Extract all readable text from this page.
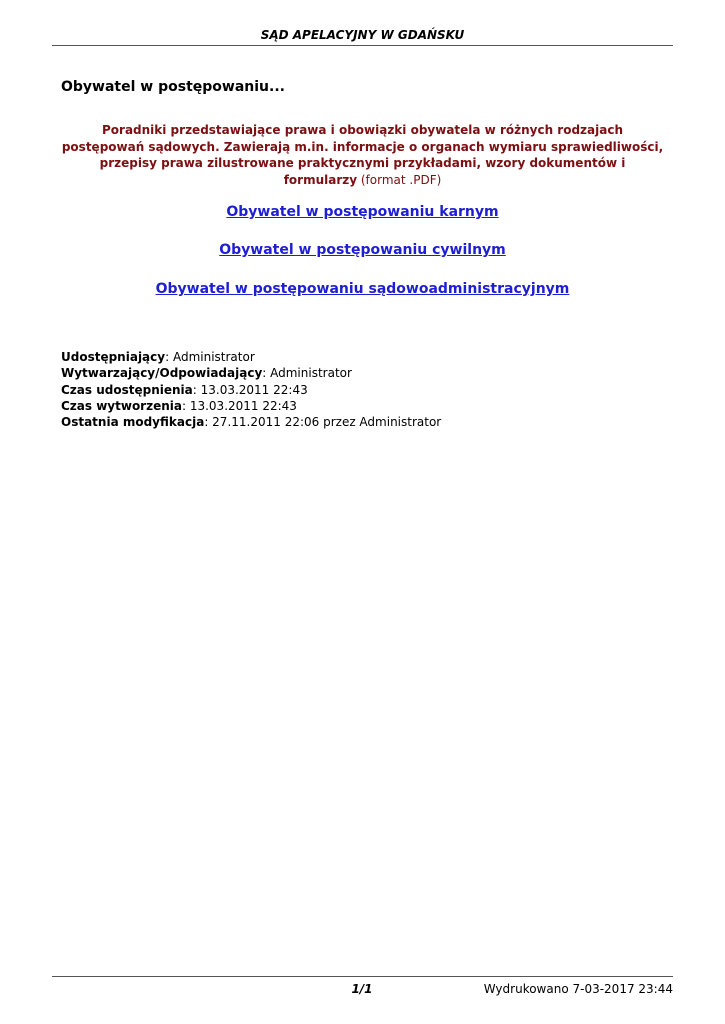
SĄD APELACYJNY W GDAŃSKU
Obywatel w postępowaniu...
Poradniki przedstawiające prawa i obowiązki obywatela w różnych rodzajach postępowań sądowych. Zawierają m.in. informacje o organach wymiaru sprawiedliwości, przepisy prawa zilustrowane praktycznymi przykładami, wzory dokumentów i formularzy (format .PDF)
Obywatel w postępowaniu karnym
Obywatel w postępowaniu cywilnym
Obywatel w postępowaniu sądowoadministracyjnym
Udostępniający: Administrator
Wytwarzający/Odpowiadający: Administrator
Czas udostępnienia: 13.03.2011 22:43
Czas wytworzenia: 13.03.2011 22:43
Ostatnia modyfikacja: 27.11.2011 22:06 przez Administrator
1/1	Wydrukowano 7-03-2017 23:44
